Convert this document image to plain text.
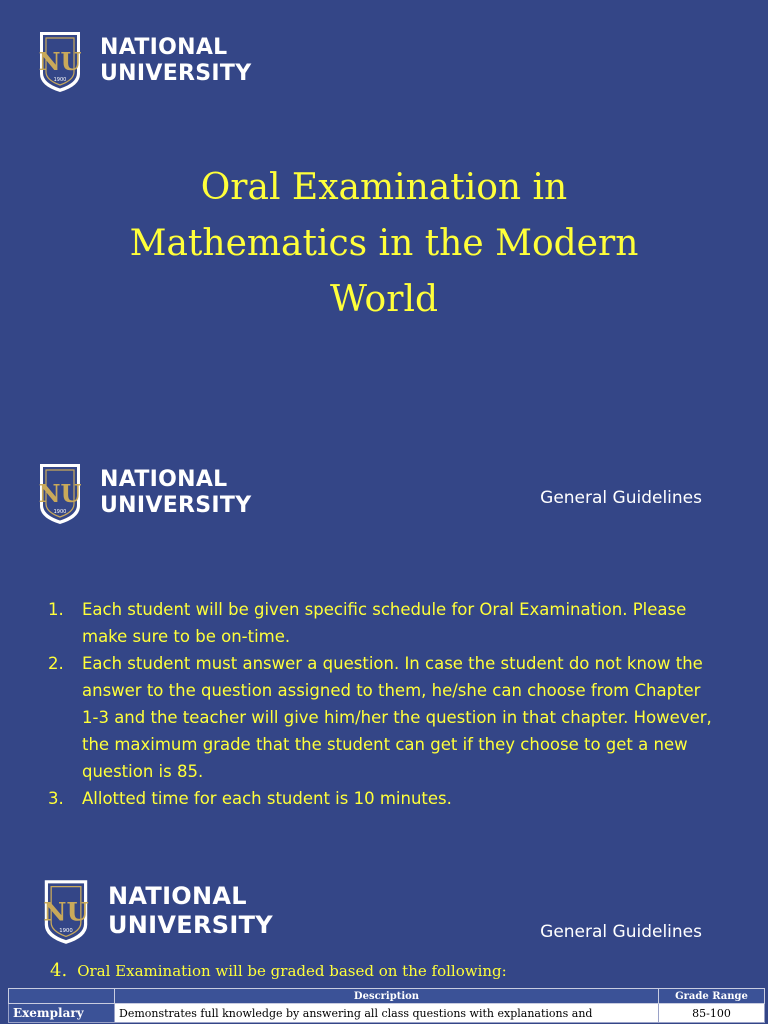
NU
1900
NATIONAL
UNIVERSITY
Oral Examination in
Mathematics in the Modern
World
NU
1900
NATIONAL
UNIVERSITY	General Guidelines
1.	Each student will be given specific schedule for Oral Examination. Please make sure to be on-time.
2.	Each student must answer a question. In case the student do not know the answer to the question assigned to them, he/she can choose from Chapter 1-3 and the teacher will give him/her the question in that chapter. However, the maximum grade that the student can get if they choose to get a new question is 85.
3.	Allotted time for each student is 10 minutes.
NU
1900
NATIONAL
UNIVERSITY	General Guidelines
4. Oral Examination will be graded based on the following:
	Description	Grade Range
Exemplary	Demonstrates full knowledge by answering all class questions with explanations and	85-100
